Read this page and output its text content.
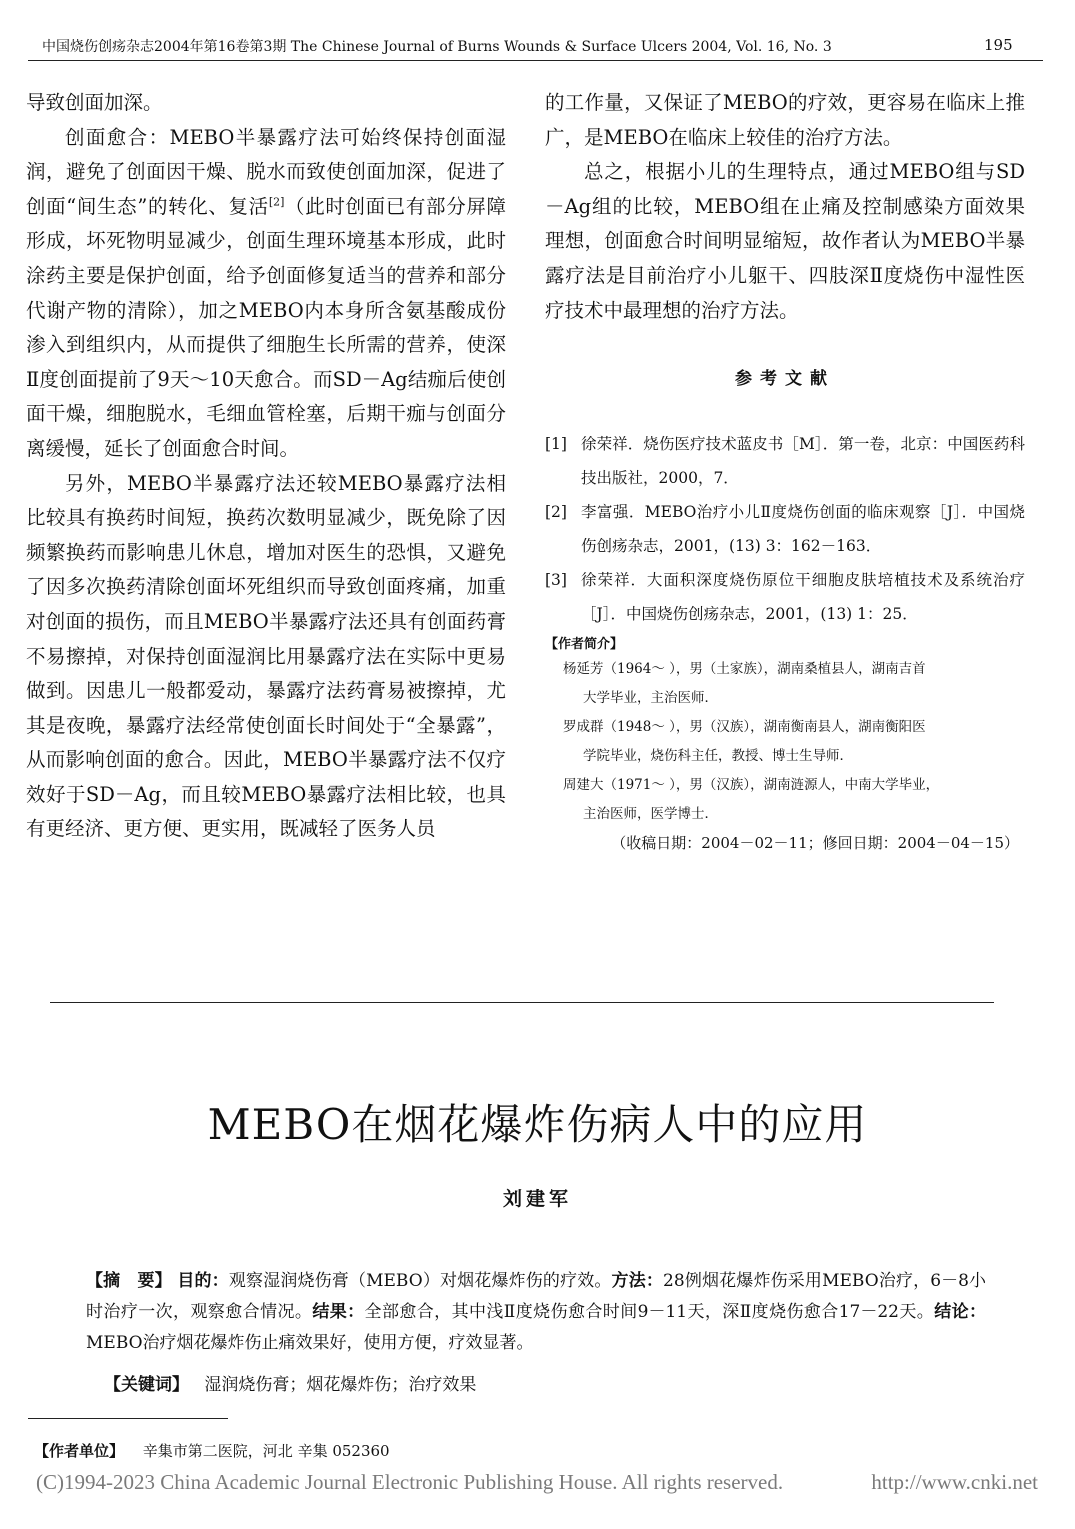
中国烧伤创疡杂志2004年第16卷第3期 The Chinese Journal of Burns Wounds & Surface Ulcers 2004, Vol. 16, No. 3	195

导致创面加深。

创面愈合：MEBO半暴露疗法可始终保持创面湿润，避免了创面因干燥、脱水而致使创面加深，促进了创面“间生态”的转化、复活[2]（此时创面已有部分屏障形成，坏死物明显减少，创面生理环境基本形成，此时涂药主要是保护创面，给予创面修复适当的营养和部分代谢产物的清除），加之MEBO内本身所含氨基酸成份渗入到组织内，从而提供了细胞生长所需的营养，使深Ⅱ度创面提前了9天～10天愈合。而SD－Ag结痂后使创面干燥，细胞脱水，毛细血管栓塞，后期干痂与创面分离缓慢，延长了创面愈合时间。

另外，MEBO半暴露疗法还较MEBO暴露疗法相比较具有换药时间短，换药次数明显减少，既免除了因频繁换药而影响患儿休息，增加对医生的恐惧，又避免了因多次换药清除创面坏死组织而导致创面疼痛，加重对创面的损伤，而且MEBO半暴露疗法还具有创面药膏不易擦掉，对保持创面湿润比用暴露疗法在实际中更易做到。因患儿一般都爱动，暴露疗法药膏易被擦掉，尤其是夜晚，暴露疗法经常使创面长时间处于“全暴露”，从而影响创面的愈合。因此，MEBO半暴露疗法不仅疗效好于SD－Ag，而且较MEBO暴露疗法相比较，也具有更经济、更方便、更实用，既减轻了医务人员

的工作量，又保证了MEBO的疗效，更容易在临床上推广，是MEBO在临床上较佳的治疗方法。

总之，根据小儿的生理特点，通过MEBO组与SD－Ag组的比较，MEBO组在止痛及控制感染方面效果理想，创面愈合时间明显缩短，故作者认为MEBO半暴露疗法是目前治疗小儿躯干、四肢深Ⅱ度烧伤中湿性医疗技术中最理想的治疗方法。

参考文献
[1] 徐荣祥．烧伤医疗技术蓝皮书［M］．第一卷，北京：中国医药科技出版社，2000，7．
[2] 李富强．MEBO治疗小儿Ⅱ度烧伤创面的临床观察［J］．中国烧伤创疡杂志，2001，(13) 3：162－163．
[3] 徐荣祥．大面积深度烧伤原位干细胞皮肤培植技术及系统治疗［J］．中国烧伤创疡杂志，2001，(13) 1：25．
【作者简介】
杨延芳（1964～ ），男（土家族），湖南桑植县人，湖南吉首
大学毕业，主治医师．
罗成群（1948～ ），男（汉族），湖南衡南县人，湖南衡阳医
学院毕业，烧伤科主任，教授、博士生导师．
周建大（1971～ ），男（汉族），湖南涟源人，中南大学毕业，
主治医师，医学博士．
（收稿日期：2004－02－11；修回日期：2004－04－15）
MEBO在烟花爆炸伤病人中的应用
刘建军
【摘　要】 目的：观察湿润烧伤膏（MEBO）对烟花爆炸伤的疗效。方法：28例烟花爆炸伤采用MEBO治疗，6－8小时治疗一次，观察愈合情况。结果：全部愈合，其中浅Ⅱ度烧伤愈合时间9－11天，深Ⅱ度烧伤愈合17－22天。结论：MEBO治疗烟花爆炸伤止痛效果好，使用方便，疗效显著。
【关键词】 湿润烧伤膏；烟花爆炸伤；治疗效果
【作者单位】 辛集市第二医院，河北 辛集 052360
(C)1994-2023 China Academic Journal Electronic Publishing House. All rights reserved.	http://www.cnki.net
